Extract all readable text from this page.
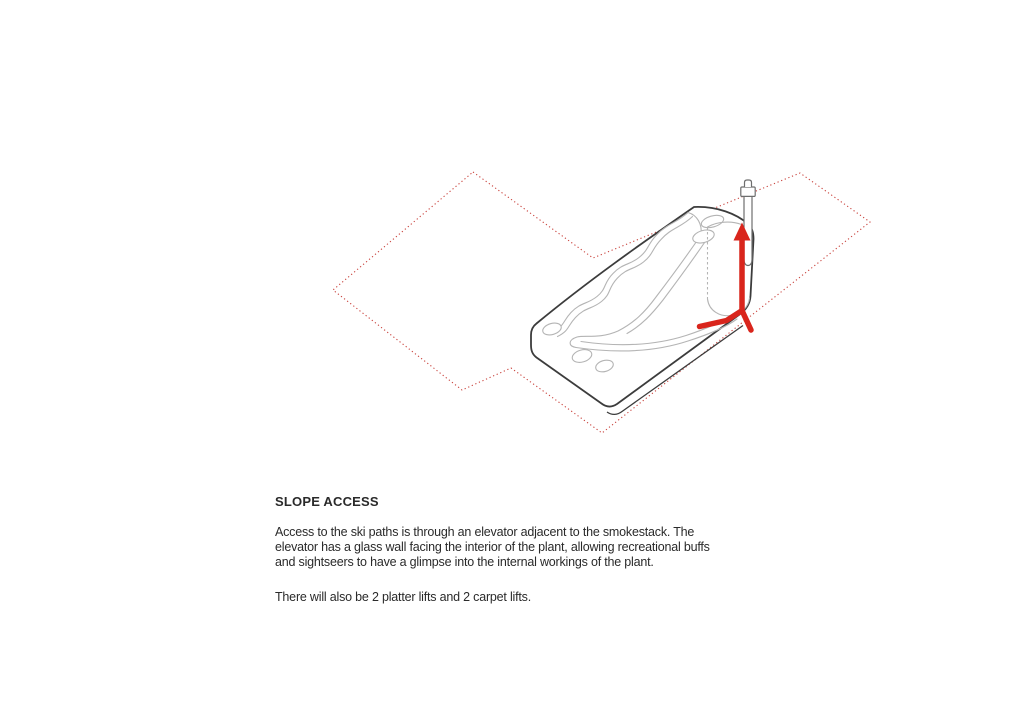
SLOPE ACCESS

Access to the ski paths is through an elevator adjacent to the smokestack. The
elevator has a glass wall facing the interior of the plant, allowing recreational buffs
and sightseers to have a glimpse into the internal workings of the plant.

There will also be 2 platter lifts and 2 carpet lifts.
